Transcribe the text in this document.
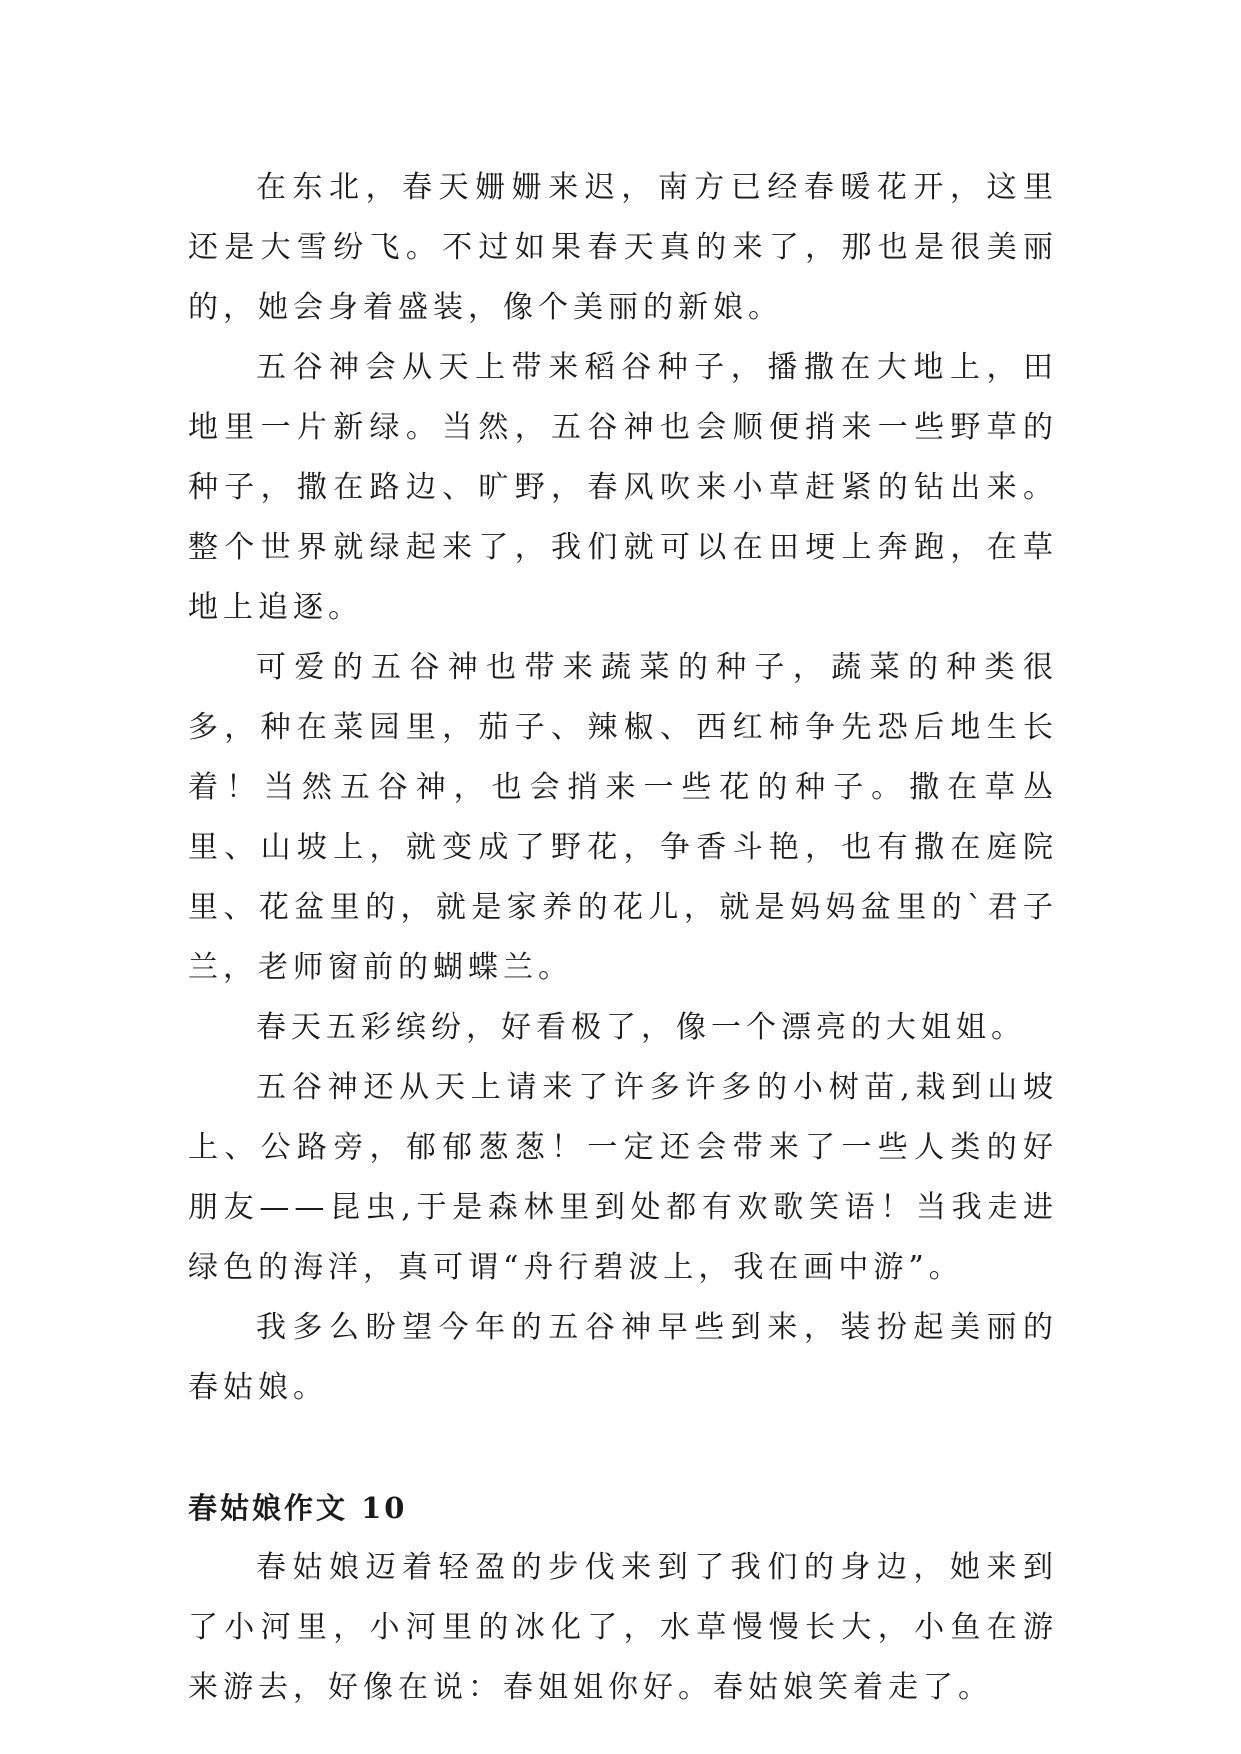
在东北，春天姗姗来迟，南方已经春暖花开，这里还是大雪纷飞。不过如果春天真的来了，那也是很美丽的，她会身着盛装，像个美丽的新娘。

五谷神会从天上带来稻谷种子，播撒在大地上，田地里一片新绿。当然，五谷神也会顺便捎来一些野草的种子，撒在路边、旷野，春风吹来小草赶紧的钻出来。整个世界就绿起来了，我们就可以在田埂上奔跑，在草地上追逐。

可爱的五谷神也带来蔬菜的种子，蔬菜的种类很多，种在菜园里，茄子、辣椒、西红柿争先恐后地生长着！当然五谷神，也会捎来一些花的种子。撒在草丛里、山坡上，就变成了野花，争香斗艳，也有撒在庭院里、花盆里的，就是家养的花儿，就是妈妈盆里的`君子兰，老师窗前的蝴蝶兰。

春天五彩缤纷，好看极了，像一个漂亮的大姐姐。

五谷神还从天上请来了许多许多的小树苗,栽到山坡上、公路旁，郁郁葱葱！一定还会带来了一些人类的好朋友——昆虫,于是森林里到处都有欢歌笑语！当我走进绿色的海洋，真可谓“舟行碧波上，我在画中游”。

我多么盼望今年的五谷神早些到来，装扮起美丽的春姑娘。

春姑娘作文 10

春姑娘迈着轻盈的步伐来到了我们的身边，她来到了小河里，小河里的冰化了，水草慢慢长大，小鱼在游来游去，好像在说：春姐姐你好。春姑娘笑着走了。
